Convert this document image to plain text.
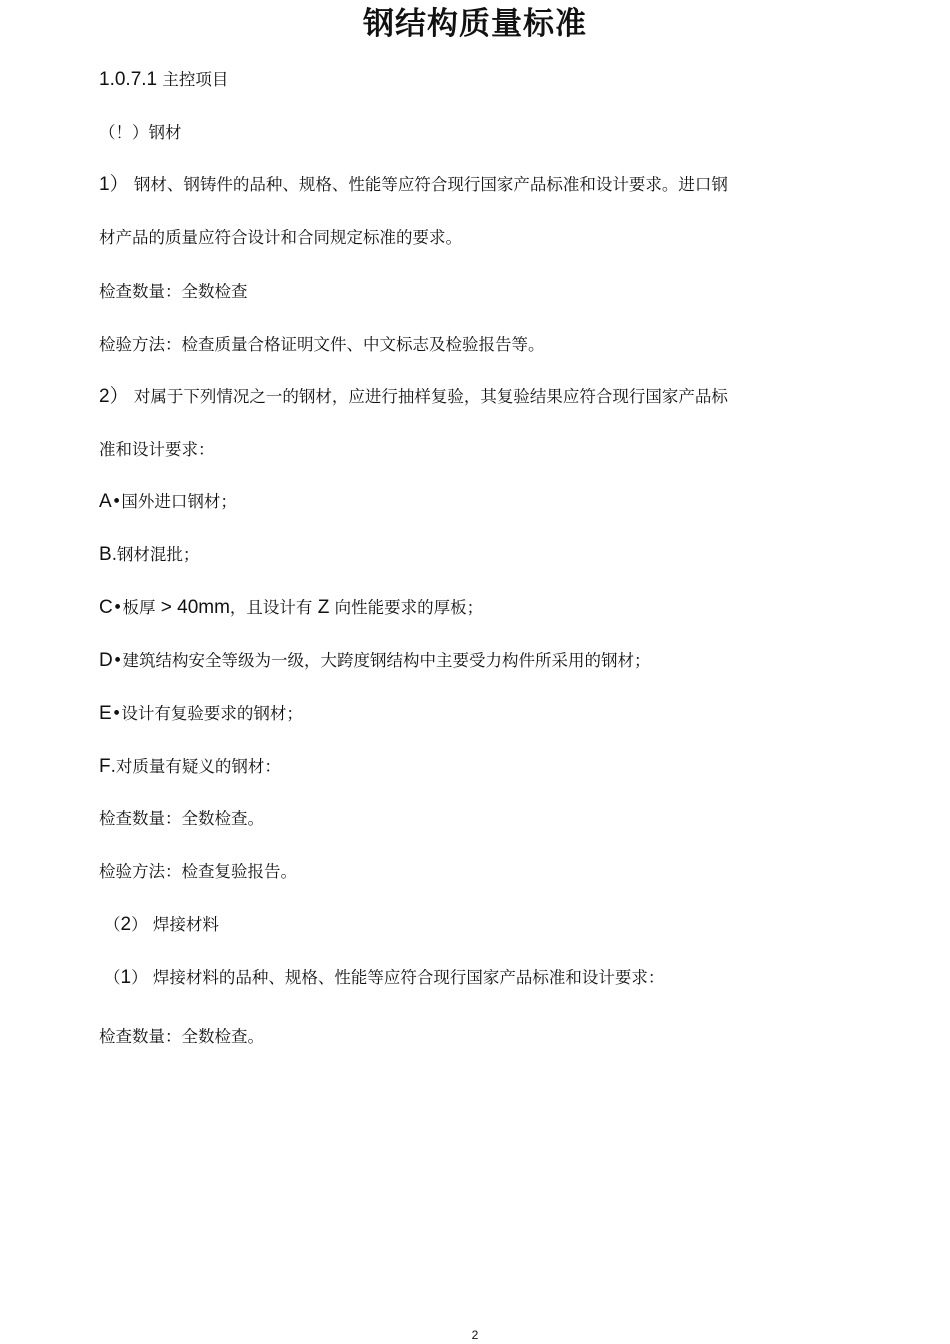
钢结构质量标准
1.0.7.1 主控项目
（！）钢材
1） 钢材、钢铸件的品种、规格、性能等应符合现行国家产品标准和设计要求。进口钢
材产品的质量应符合设计和合同规定标准的要求。
检查数量：全数检查
检验方法：检查质量合格证明文件、中文标志及检验报告等。
2） 对属于下列情况之一的钢材，应进行抽样复验，其复验结果应符合现行国家产品标
准和设计要求：
A•国外进口钢材；
B.钢材混批；
C•板厚 > 40mm，且设计有 Z 向性能要求的厚板；
D•建筑结构安全等级为一级，大跨度钢结构中主要受力构件所采用的钢材；
E•设计有复验要求的钢材；
F.对质量有疑义的钢材：
检查数量：全数检查。
检验方法：检查复验报告。
（2） 焊接材料
（1） 焊接材料的品种、规格、性能等应符合现行国家产品标准和设计要求：
检查数量：全数检查。
2
